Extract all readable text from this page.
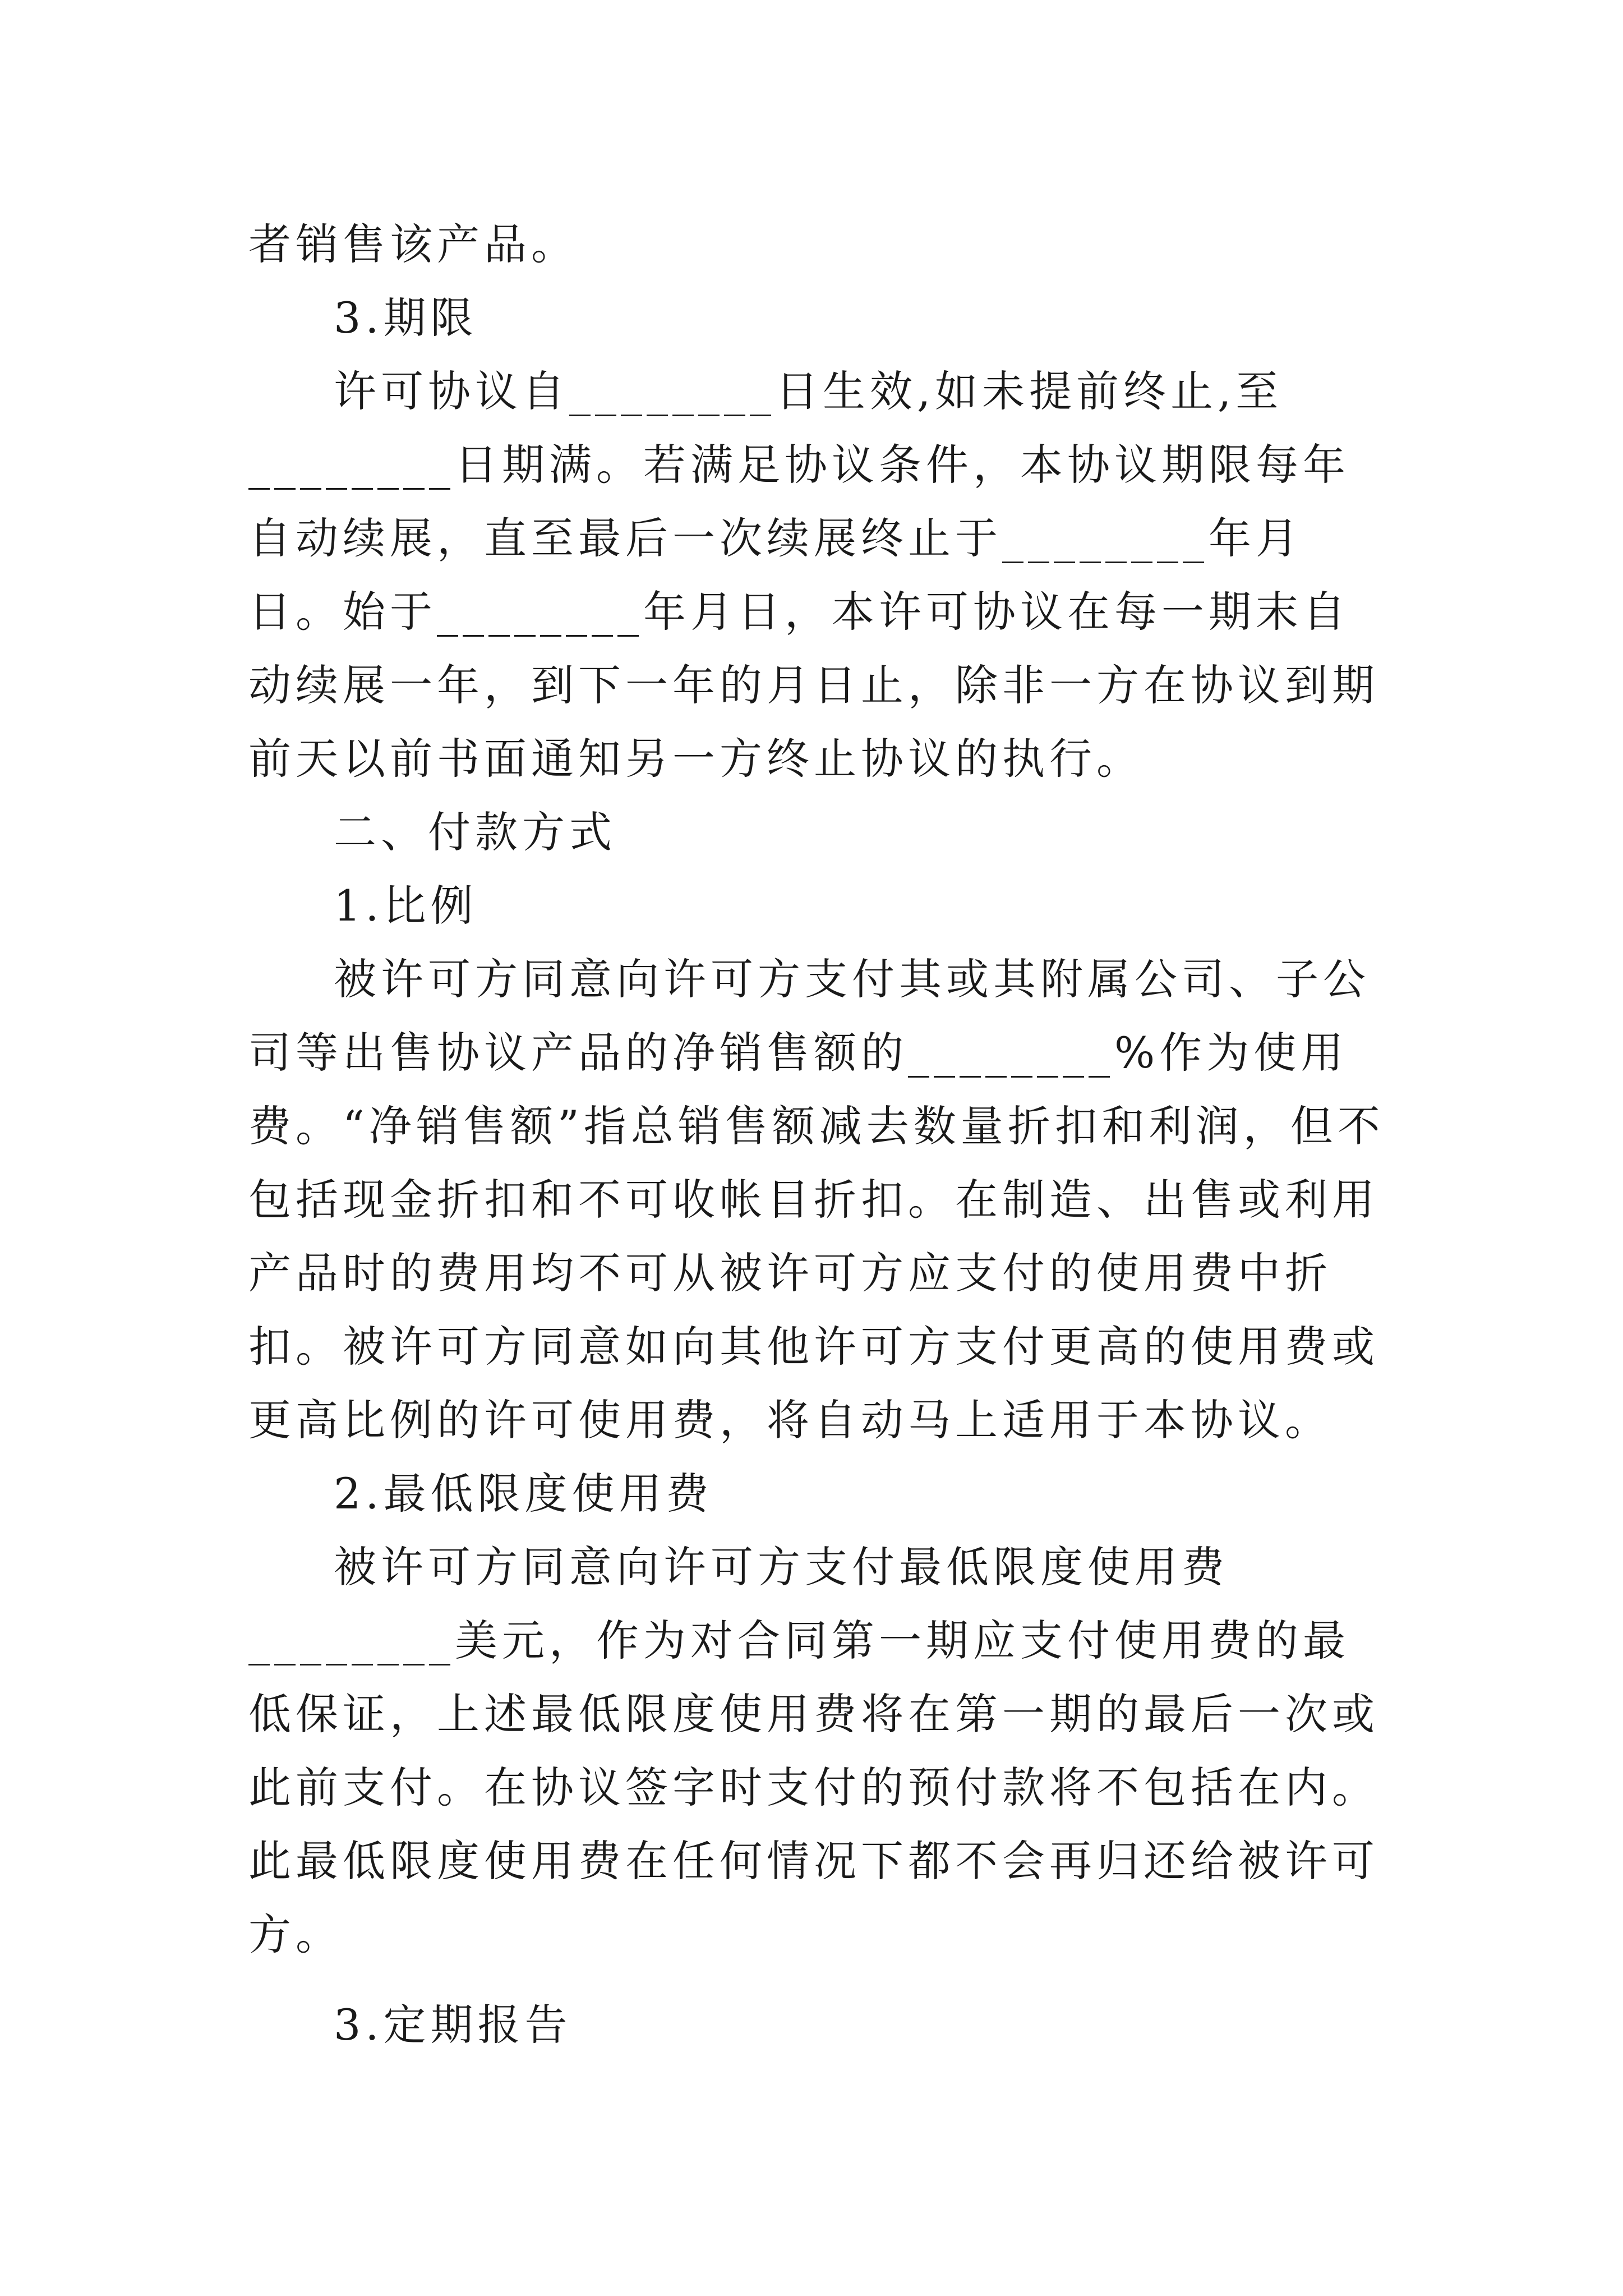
者销售该产品。

3.期限

许可协议自________日生效,如未提前终止,至________日期满。若满足协议条件，本协议期限每年自动续展，直至最后一次续展终止于________年月日。始于________年月日，本许可协议在每一期末自动续展一年，到下一年的月日止，除非一方在协议到期前天以前书面通知另一方终止协议的执行。

二、付款方式

1.比例

被许可方同意向许可方支付其或其附属公司、子公司等出售协议产品的净销售额的________%作为使用费。“净销售额”指总销售额减去数量折扣和利润，但不包括现金折扣和不可收帐目折扣。在制造、出售或利用产品时的费用均不可从被许可方应支付的使用费中折扣。被许可方同意如向其他许可方支付更高的使用费或更高比例的许可使用费，将自动马上适用于本协议。

2.最低限度使用费

被许可方同意向许可方支付最低限度使用费________美元，作为对合同第一期应支付使用费的最低保证，上述最低限度使用费将在第一期的最后一次或此前支付。在协议签字时支付的预付款将不包括在内。此最低限度使用费在任何情况下都不会再归还给被许可方。

3.定期报告
